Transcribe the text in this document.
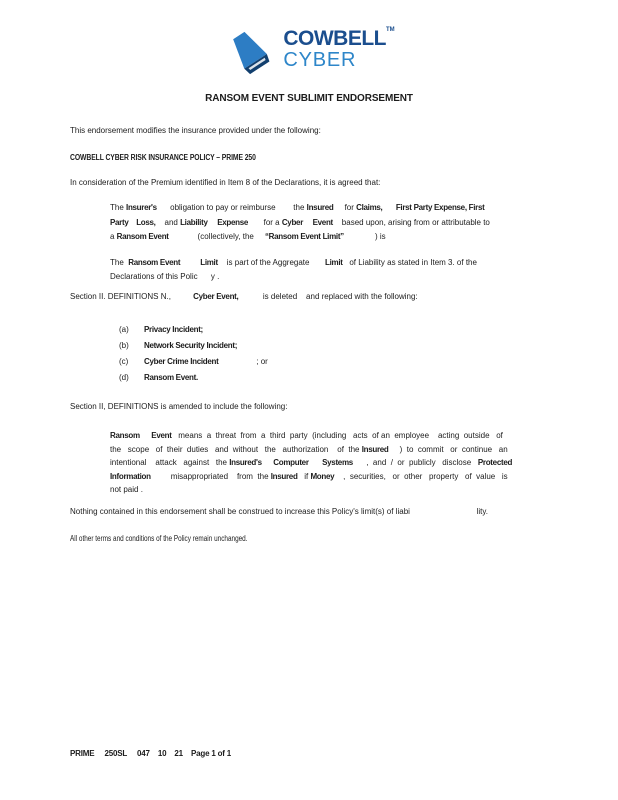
COWBELL™
CYBER
RANSOM EVENT SUBLIMIT ENDORSEMENT
This endorsement modifies the insurance provided under the following:
COWBELL CYBER RISK INSURANCE POLICY – PRIME 250
In consideration of the Premium identified in Item 8 of the Declarations, it is agreed that:
The Insurer's      obligation to pay or reimburse        the Insured     for Claims, First Party Expense, First
Party    Loss,    and Liability     Expense       for a Cyber     Event    based upon, arising from or attributable to
a Ransom Event             (collectively, the     “Ransom Event Limit”              ) is
The  Ransom Event	Limit    is part of the Aggregate       Limit   of Liability as stated in Item 3. of the
Declarations of this Polic      y .
Section II. DEFINITIONS N.,          Cyber Event,           is deleted    and replaced with the following:
(a) Privacy Incident;
(b) Network Security Incident;
(c) Cyber Crime Incident                 ; or
(d) Ransom Event.
Section II, DEFINITIONS is amended to include the following:
Ransom      Event   means  a  threat  from  a  third  party  (including   acts  of an  employee    acting  outside   of
the   scope   of  their  duties   and  without   the   authorization    of  the Insured     )  to  commit   or  continue   an
intentional    attack   against   the Insured's      Computer       Systems      ,  and  /  or  publicly   disclose   Protected
Information         misappropriated    from  the Insured   if Money    ,  securities,   or  other   property   of  value   is
not paid .
Nothing contained in this endorsement shall be construed to increase this Policy's limit(s) of liabi                              lity.
All other terms and conditions of the Policy remain unchanged.
PRIME     250SL     047    10    21    Page 1 of 1
